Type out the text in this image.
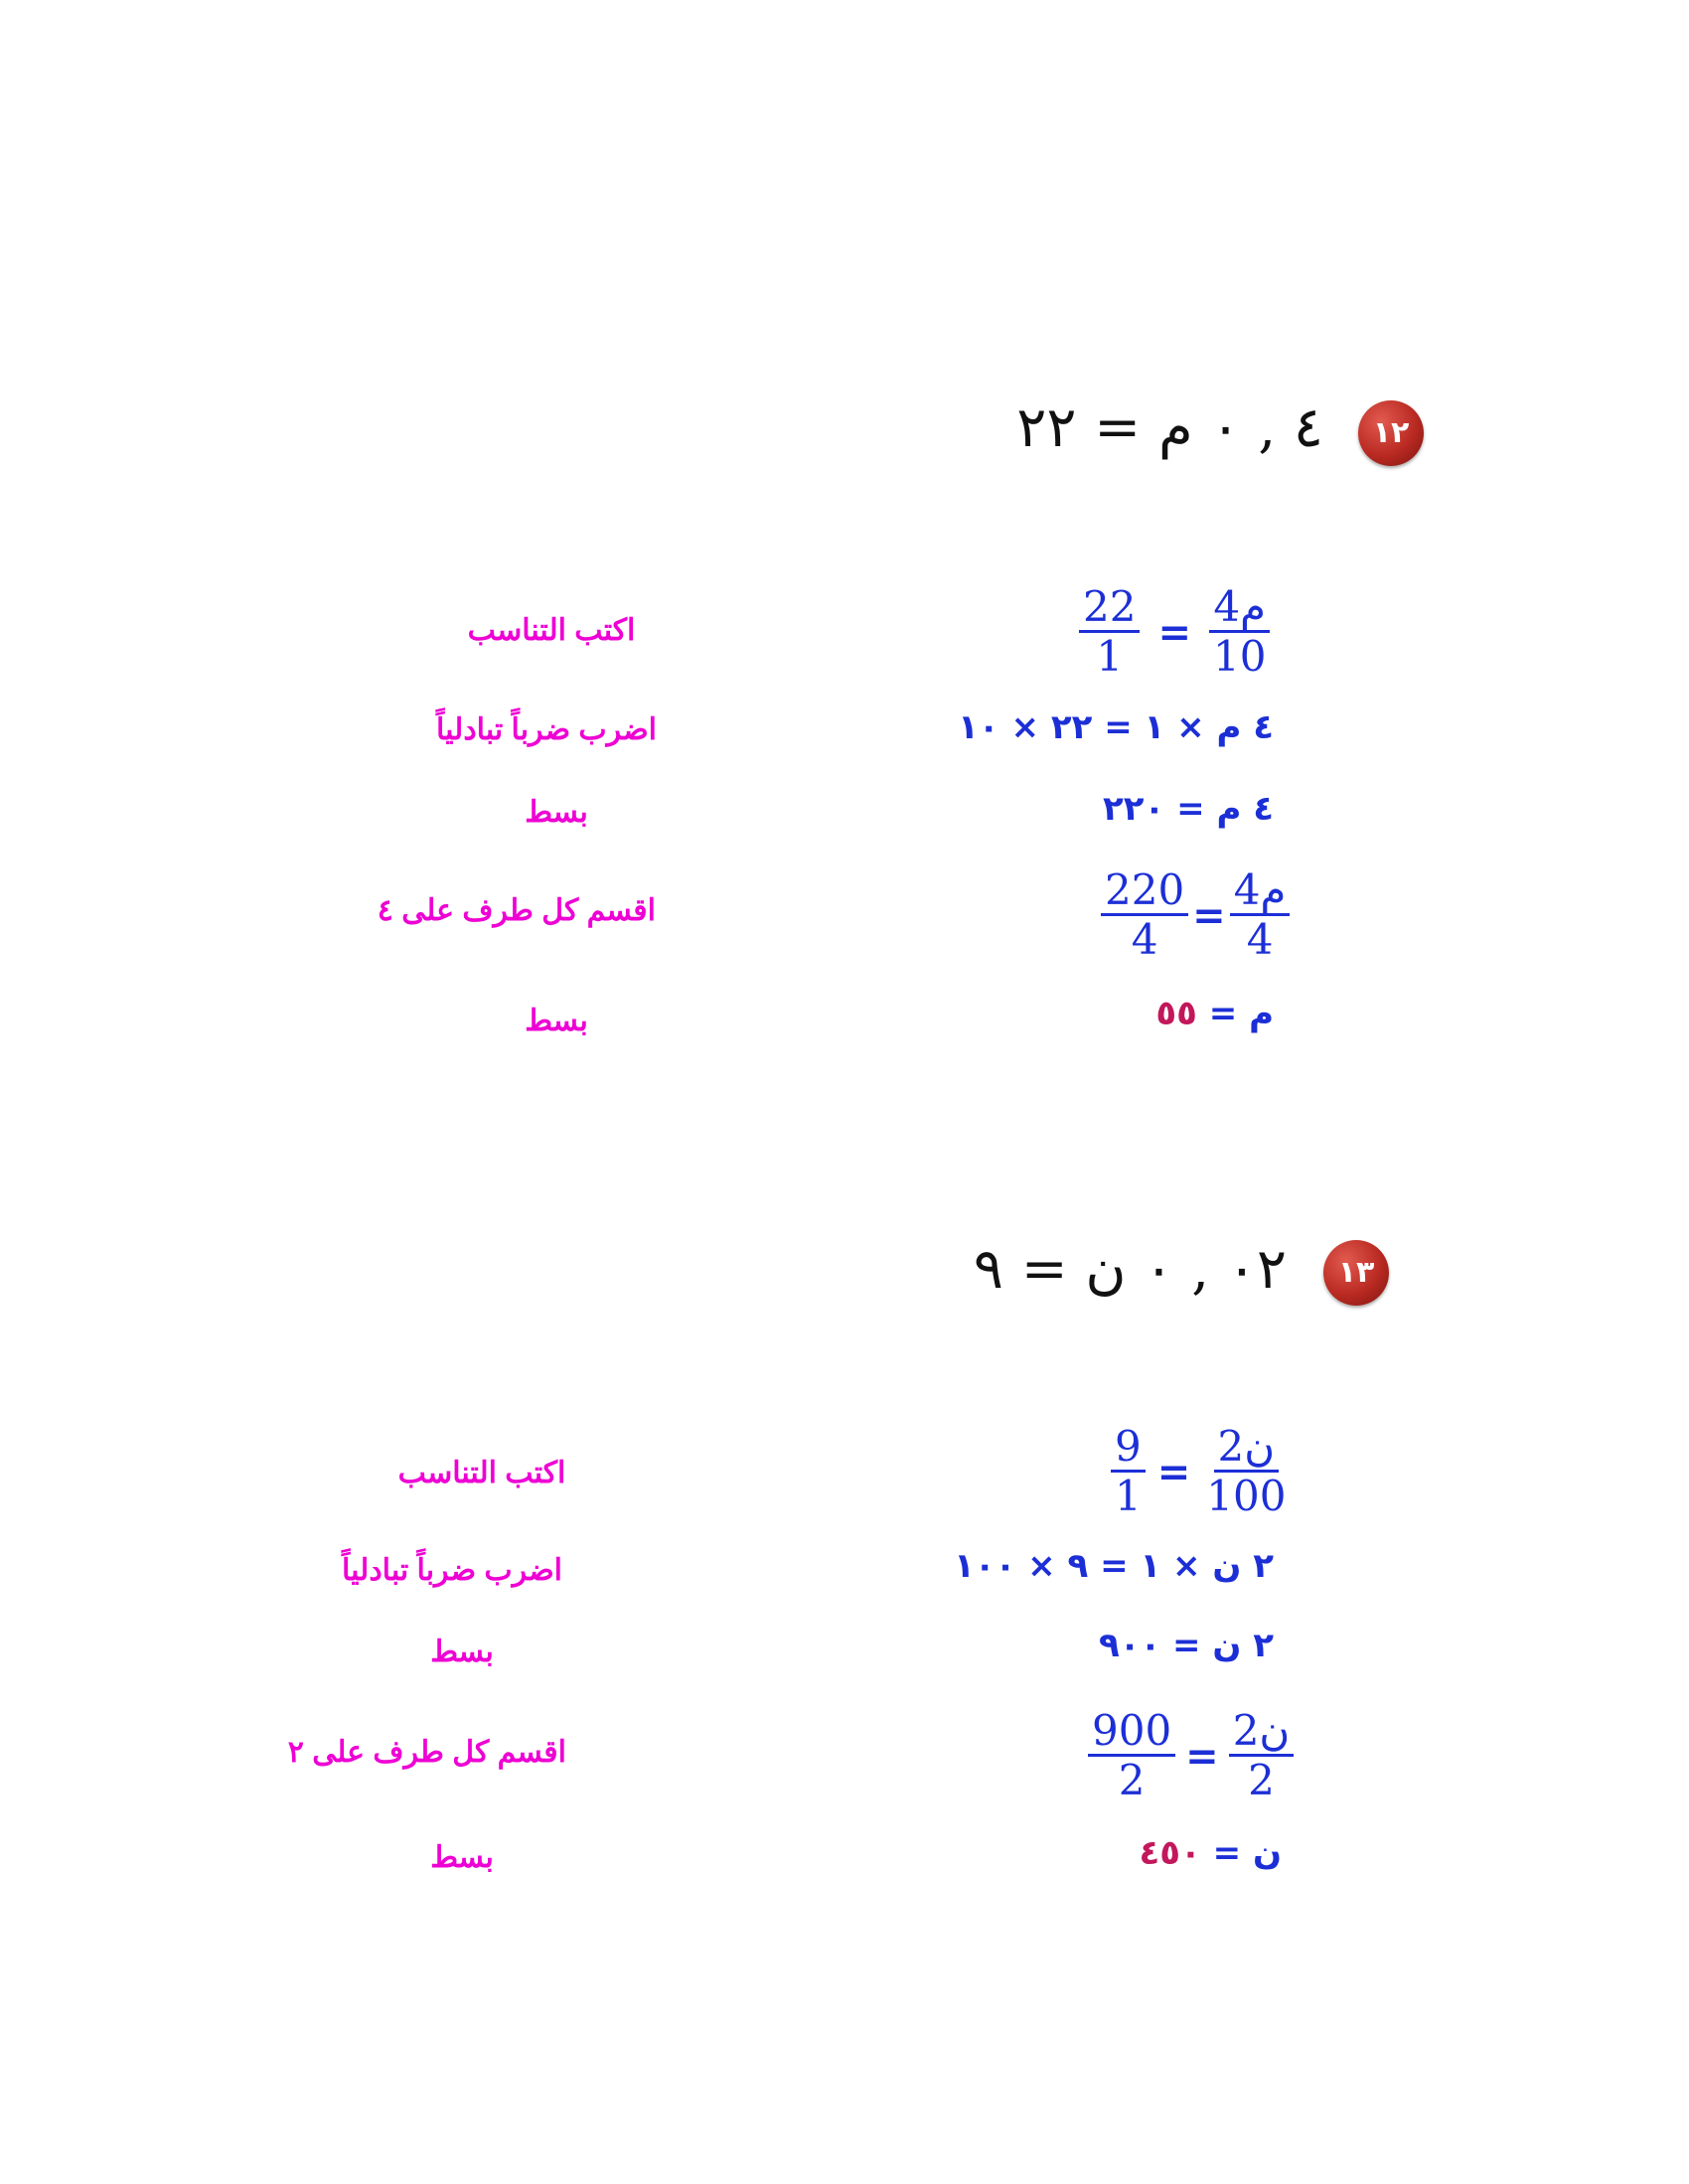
١٢
٤ , ٠ م = ٢٢
$\frac{22}{1} = \frac{\text{4م}}{10}$
اكتب التناسب
٤ م × ١ = ٢٢ × ١٠
اضرب ضرباً تبادلياً
٤ م = ٢٢٠
بسط
$\frac{220}{4} = \frac{\text{4م}}{4}$
اقسم كل طرف على ٤
م = ٥٥
بسط
١٣
٠٢ , ٠ ن = ٩
$\frac{9}{1} = \frac{\text{2ن}}{100}$
اكتب التناسب
٢ ن × ١ = ٩ × ١٠٠
اضرب ضرباً تبادلياً
٢ ن = ٩٠٠
بسط
$\frac{900}{2} = \frac{\text{2ن}}{2}$
اقسم كل طرف على ٢
ن = ٤٥٠
بسط
